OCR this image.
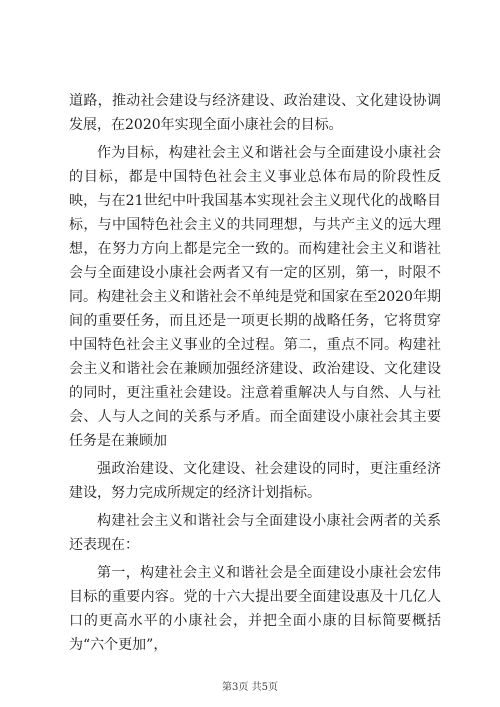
道路，推动社会建设与经济建设、政治建设、文化建设协调发展，在2020年实现全面小康社会的目标。

作为目标，构建社会主义和谐社会与全面建设小康社会的目标，都是中国特色社会主义事业总体布局的阶段性反映，与在21世纪中叶我国基本实现社会主义现代化的战略目标，与中国特色社会主义的共同理想，与共产主义的远大理想，在努力方向上都是完全一致的。而构建社会主义和谐社会与全面建设小康社会两者又有一定的区别，第一，时限不同。构建社会主义和谐社会不单纯是党和国家在至2020年期间的重要任务，而且还是一项更长期的战略任务，它将贯穿中国特色社会主义事业的全过程。第二，重点不同。构建社会主义和谐社会在兼顾加强经济建设、政治建设、文化建设的同时，更注重社会建设。注意着重解决人与自然、人与社会、人与人之间的关系与矛盾。而全面建设小康社会其主要任务是在兼顾加

强政治建设、文化建设、社会建设的同时，更注重经济建设，努力完成所规定的经济计划指标。

构建社会主义和谐社会与全面建设小康社会两者的关系还表现在：

第一，构建社会主义和谐社会是全面建设小康社会宏伟目标的重要内容。党的十六大提出要全面建设惠及十几亿人口的更高水平的小康社会，并把全面小康的目标简要概括为“六个更加”，

第3页 共5页
